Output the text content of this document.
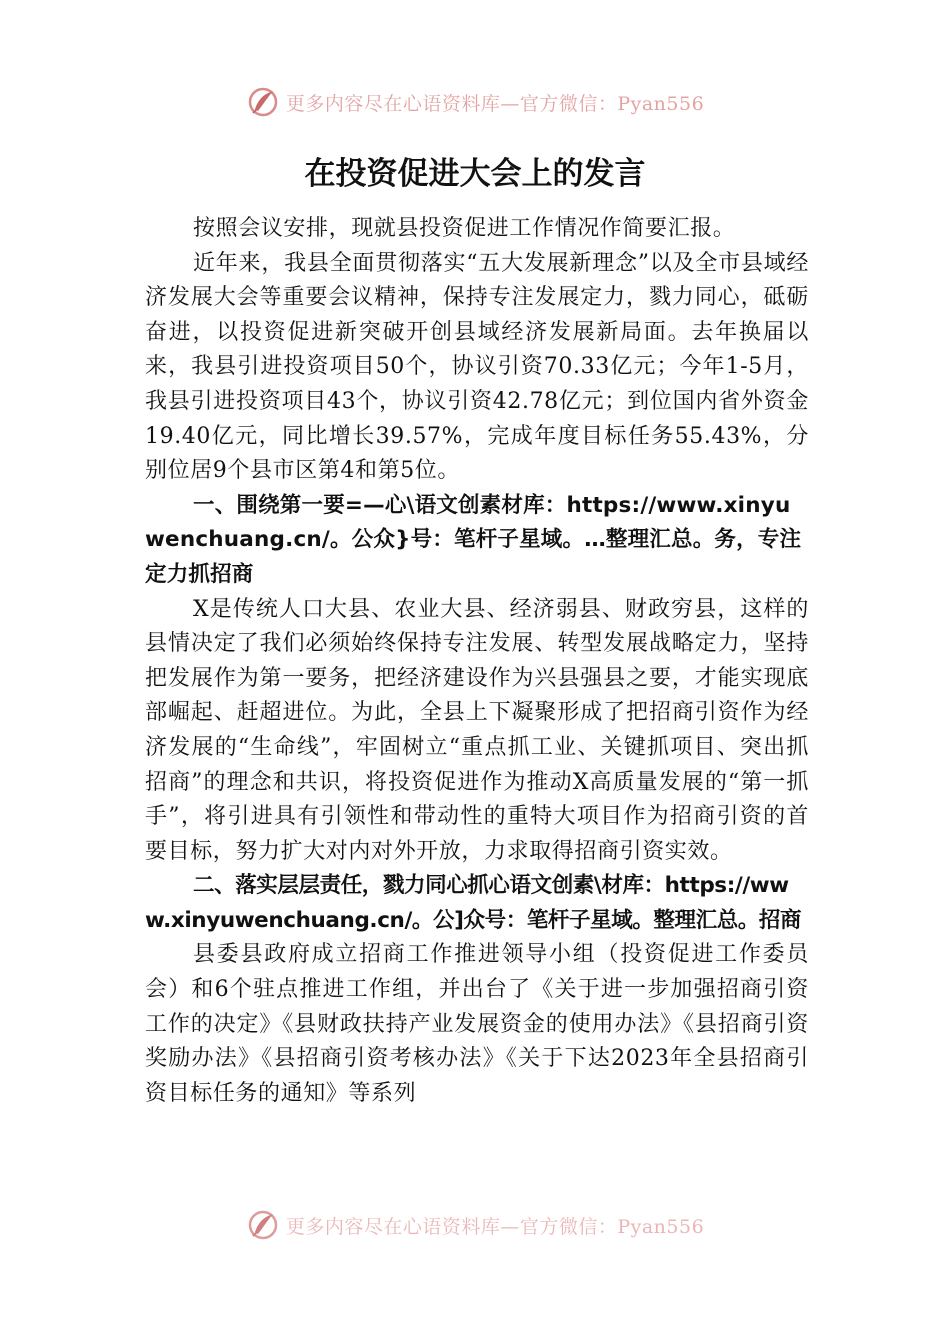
更多内容尽在心语资料库—官方微信：Pyan556
在投资促进大会上的发言

按照会议安排，现就县投资促进工作情况作简要汇报。

近年来，我县全面贯彻落实“五大发展新理念”以及全市县域经济发展大会等重要会议精神，保持专注发展定力，戮力同心，砥砺奋进，以投资促进新突破开创县域经济发展新局面。去年换届以来，我县引进投资项目50个，协议引资70.33亿元；今年1-5月，我县引进投资项目43个，协议引资42.78亿元；到位国内省外资金19.40亿元，同比增长39.57%，完成年度目标任务55.43%，分别位居9个县市区第4和第5位。

一、围绕第一要=—心\语文创素材库：https://www.xinyuwenchuang.cn/。公众}号：笔杆子星域。…整理汇总。务，专注定力抓招商

X是传统人口大县、农业大县、经济弱县、财政穷县，这样的县情决定了我们必须始终保持专注发展、转型发展战略定力，坚持把发展作为第一要务，把经济建设作为兴县强县之要，才能实现底部崛起、赶超进位。为此，全县上下凝聚形成了把招商引资作为经济发展的“生命线”，牢固树立“重点抓工业、关键抓项目、突出抓招商”的理念和共识，将投资促进作为推动X高质量发展的“第一抓手”，将引进具有引领性和带动性的重特大项目作为招商引资的首要目标，努力扩大对内对外开放，力求取得招商引资实效。

二、落实层层责任，戮力同心抓心语文创素\材库：https://www.xinyuwenchuang.cn/。公]众号：笔杆子星域。整理汇总。招商

县委县政府成立招商工作推进领导小组（投资促进工作委员会）和6个驻点推进工作组，并出台了《关于进一步加强招商引资工作的决定》《县财政扶持产业发展资金的使用办法》《县招商引资奖励办法》《县招商引资考核办法》《关于下达2023年全县招商引资目标任务的通知》等系列

更多内容尽在心语资料库—官方微信：Pyan556
